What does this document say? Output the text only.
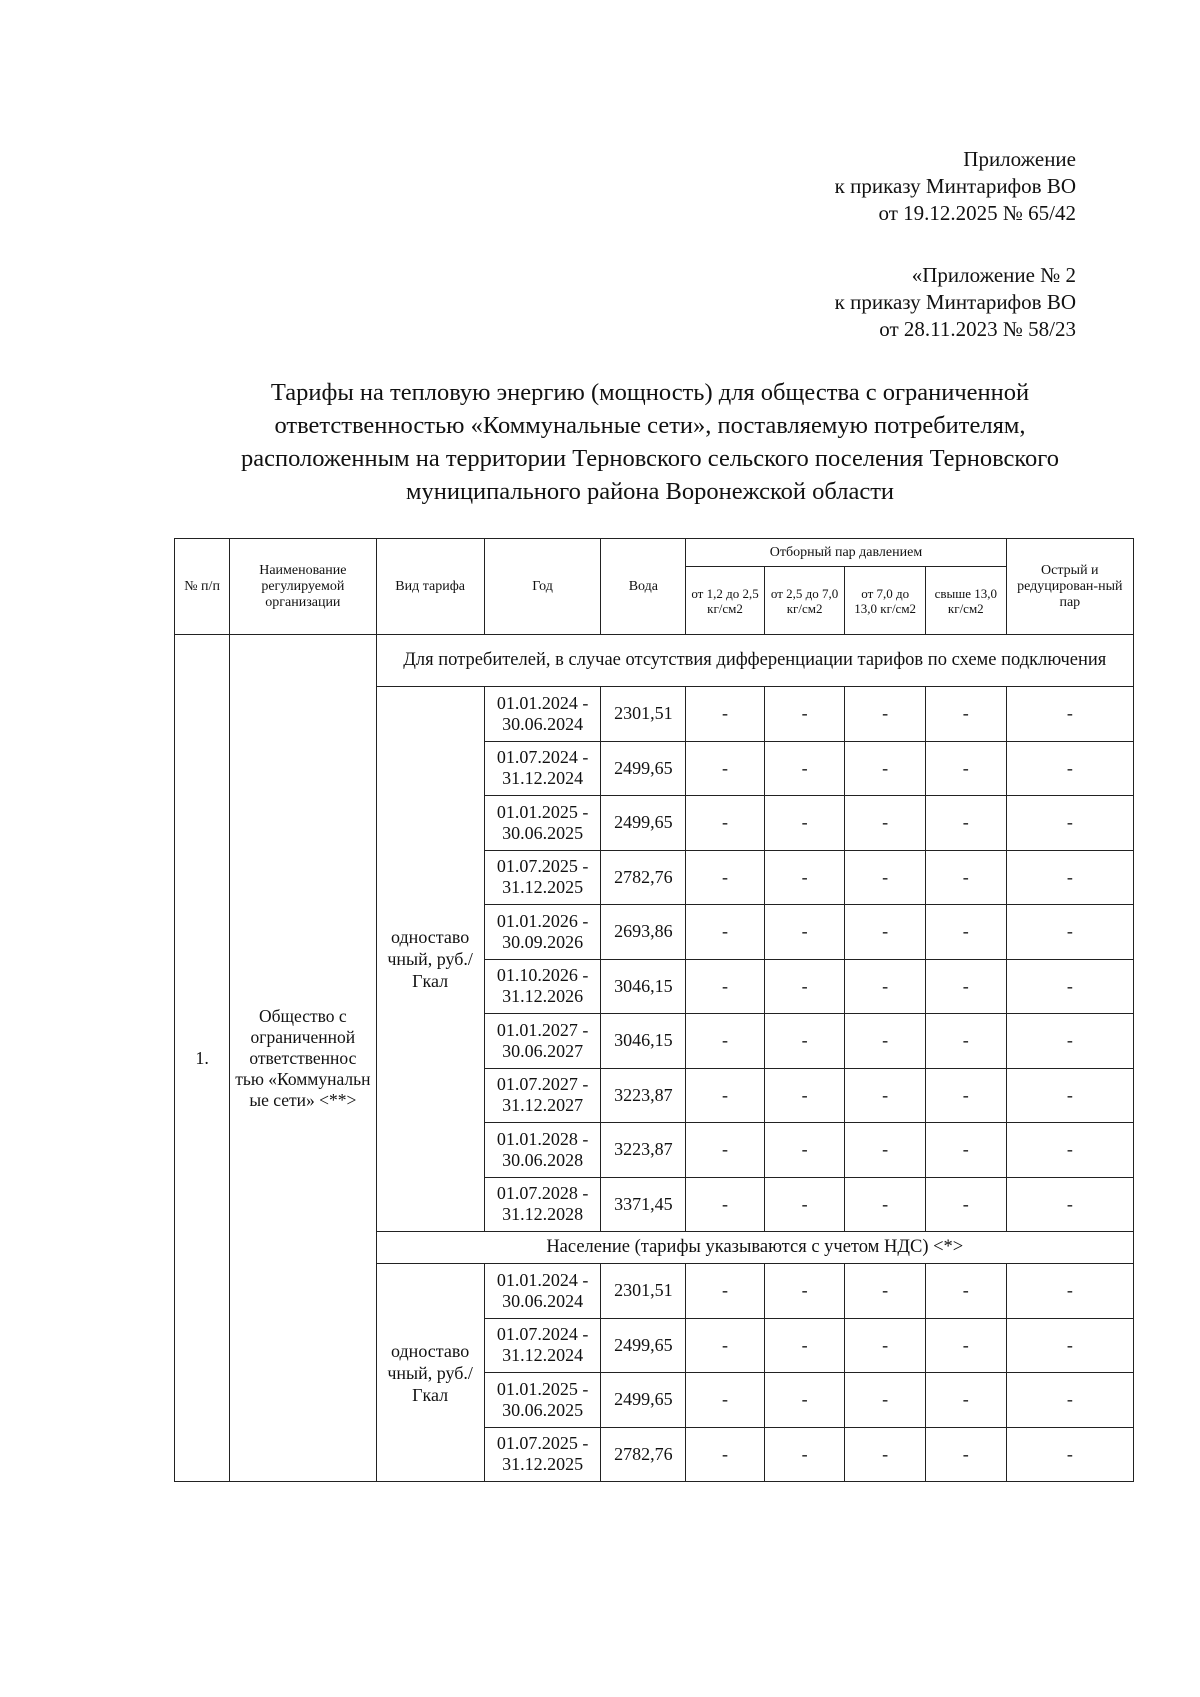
Приложение
к приказу Минтарифов ВО
от 19.12.2025 № 65/42
«Приложение № 2
к приказу Минтарифов ВО
от 28.11.2023 № 58/23
Тарифы на тепловую энергию (мощность) для общества с ограниченной
ответственностью «Коммунальные сети», поставляемую потребителям,
расположенным на территории Терновского сельского поселения Терновского
муниципального района Воронежской области
№ п/п	Наименование регулируемой организации	Вид тарифа	Год	Вода	Отборный пар давлением				Острый и редуцирован-ный пар
					от 1,2 до 2,5 кг/см2	от 2,5 до 7,0 кг/см2	от 7,0 до 13,0 кг/см2	свыше 13,0 кг/см2	
1.	Общество с ограниченной ответственнос тью «Коммунальн ые сети» <**>	Для потребителей, в случае отсутствия дифференциации тарифов по схеме подключения							
		одноставо чный, руб./Гкал	01.01.2024 - 30.06.2024	2301,51	-	-	-	-	-
			01.07.2024 - 31.12.2024	2499,65	-	-	-	-	-
			01.01.2025 - 30.06.2025	2499,65	-	-	-	-	-
			01.07.2025 - 31.12.2025	2782,76	-	-	-	-	-
			01.01.2026 - 30.09.2026	2693,86	-	-	-	-	-
			01.10.2026 - 31.12.2026	3046,15	-	-	-	-	-
			01.01.2027 - 30.06.2027	3046,15	-	-	-	-	-
			01.07.2027 - 31.12.2027	3223,87	-	-	-	-	-
			01.01.2028 - 30.06.2028	3223,87	-	-	-	-	-
			01.07.2028 - 31.12.2028	3371,45	-	-	-	-	-
		Население (тарифы указываются с учетом НДС) <*>							
		одноставо чный, руб./Гкал	01.01.2024 - 30.06.2024	2301,51	-	-	-	-	-
			01.07.2024 - 31.12.2024	2499,65	-	-	-	-	-
			01.01.2025 - 30.06.2025	2499,65	-	-	-	-	-
			01.07.2025 - 31.12.2025	2782,76	-	-	-	-	-
